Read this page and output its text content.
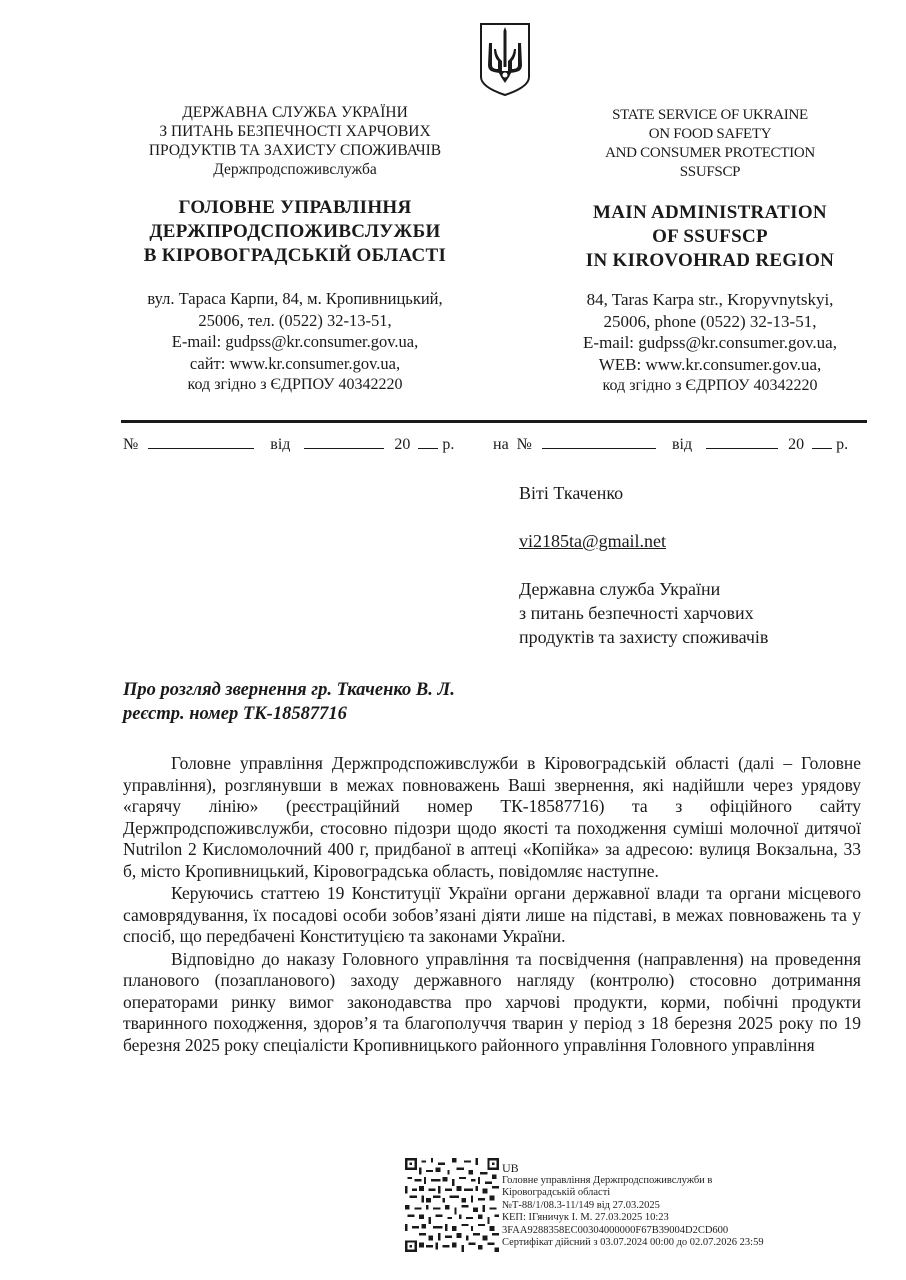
ДЕРЖАВНА СЛУЖБА УКРАЇНИ
З ПИТАНЬ БЕЗПЕЧНОСТІ ХАРЧОВИХ
ПРОДУКТІВ ТА ЗАХИСТУ СПОЖИВАЧІВ
Держпродспоживслужба
ГОЛОВНЕ УПРАВЛІННЯ
ДЕРЖПРОДСПОЖИВСЛУЖБИ
В КІРОВОГРАДСЬКІЙ ОБЛАСТІ
вул. Тараса Карпи, 84, м. Кропивницький,
25006, тел. (0522) 32-13-51,
E-mail: gudpss@kr.consumer.gov.ua,
сайт: www.kr.consumer.gov.ua,
код згідно з ЄДРПОУ 40342220
STATE SERVICE OF UKRAINE
ON FOOD SAFETY
AND CONSUMER PROTECTION
SSUFSCP
MAIN ADMINISTRATION
OF SSUFSCP
IN KIROVOHRAD REGION
84, Taras Karpa str., Kropyvnytskyi,
25006, phone (0522) 32-13-51,
E-mail: gudpss@kr.consumer.gov.ua,
WEB: www.kr.consumer.gov.ua,
код згідно з ЄДРПОУ 40342220
№	від	20 р. на №	від	20 р.
Віті Ткаченко
vi2185ta@gmail.net
Державна служба України
з питань безпечності харчових
продуктів та захисту споживачів
Про розгляд звернення гр. Ткаченко В. Л.
реєстр. номер ТК-18587716

Головне управління Держпродспоживслужби в Кіровоградській області (далі – Головне управління), розглянувши в межах повноважень Ваші звернення, які надійшли через урядову «гарячу лінію» (реєстраційний номер ТК-18587716) та з офіційного сайту Держпродспоживслужби, стосовно підозри щодо якості та походження суміші молочної дитячої Nutrilon 2 Кисломолочний 400 г, придбаної в аптеці «Копійка» за адресою: вулиця Вокзальна, 33 б, місто Кропивницький, Кіровоградська область, повідомляє наступне.

Керуючись статтею 19 Конституції України органи державної влади та органи місцевого самоврядування, їх посадові особи зобов’язані діяти лише на підставі, в межах повноважень та у спосіб, що передбачені Конституцією та законами України.

Відповідно до наказу Головного управління та посвідчення (направлення) на проведення планового (позапланового) заходу державного нагляду (контролю) стосовно дотримання операторами ринку вимог законодавства про харчові продукти, корми, побічні продукти тваринного походження, здоров’я та благополуччя тварин у період з 18 березня 2025 року по 19 березня 2025 року спеціалісти Кропивницького районного управління Головного управління

UB
Головне управління Держпродспоживслужби в
Кіровоградській області
№Т-88/1/08.3-11/149 від 27.03.2025
КЕП: ІГяничук І. М. 27.03.2025 10:23
3FAA9288358EC00304000000F67B39004D2CD600
Сертифікат дійсний з 03.07.2024 00:00 до 02.07.2026 23:59
